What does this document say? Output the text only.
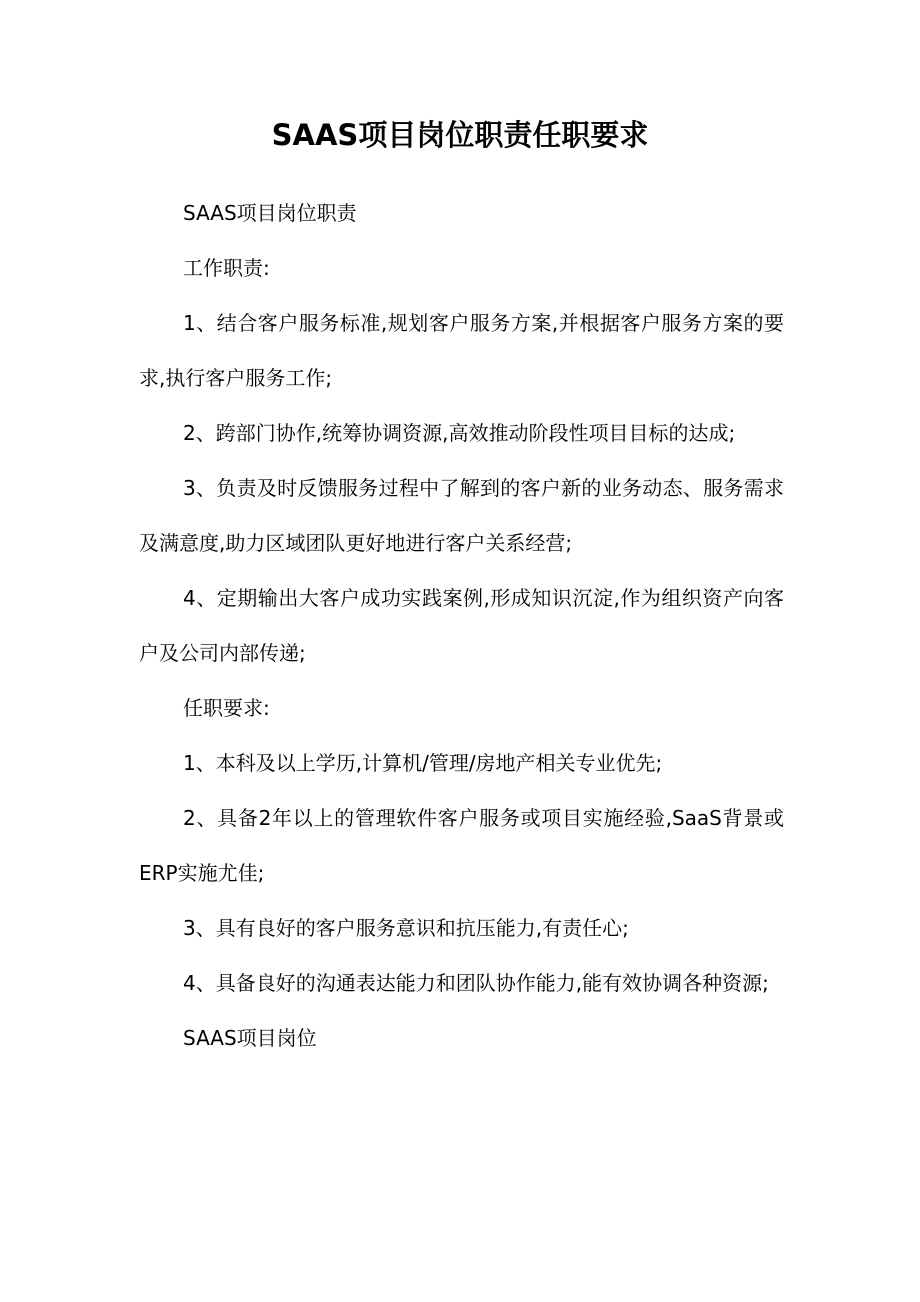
SAAS项目岗位职责任职要求

SAAS项目岗位职责

工作职责:

1、结合客户服务标准,规划客户服务方案,并根据客户服务方案的要求,执行客户服务工作;

2、跨部门协作,统筹协调资源,高效推动阶段性项目目标的达成;

3、负责及时反馈服务过程中了解到的客户新的业务动态、服务需求及满意度,助力区域团队更好地进行客户关系经营;

4、定期输出大客户成功实践案例,形成知识沉淀,作为组织资产向客户及公司内部传递;

任职要求:

1、本科及以上学历,计算机/管理/房地产相关专业优先;

2、具备2年以上的管理软件客户服务或项目实施经验,SaaS背景或ERP实施尤佳;

3、具有良好的客户服务意识和抗压能力,有责任心;

4、具备良好的沟通表达能力和团队协作能力,能有效协调各种资源;

SAAS项目岗位
